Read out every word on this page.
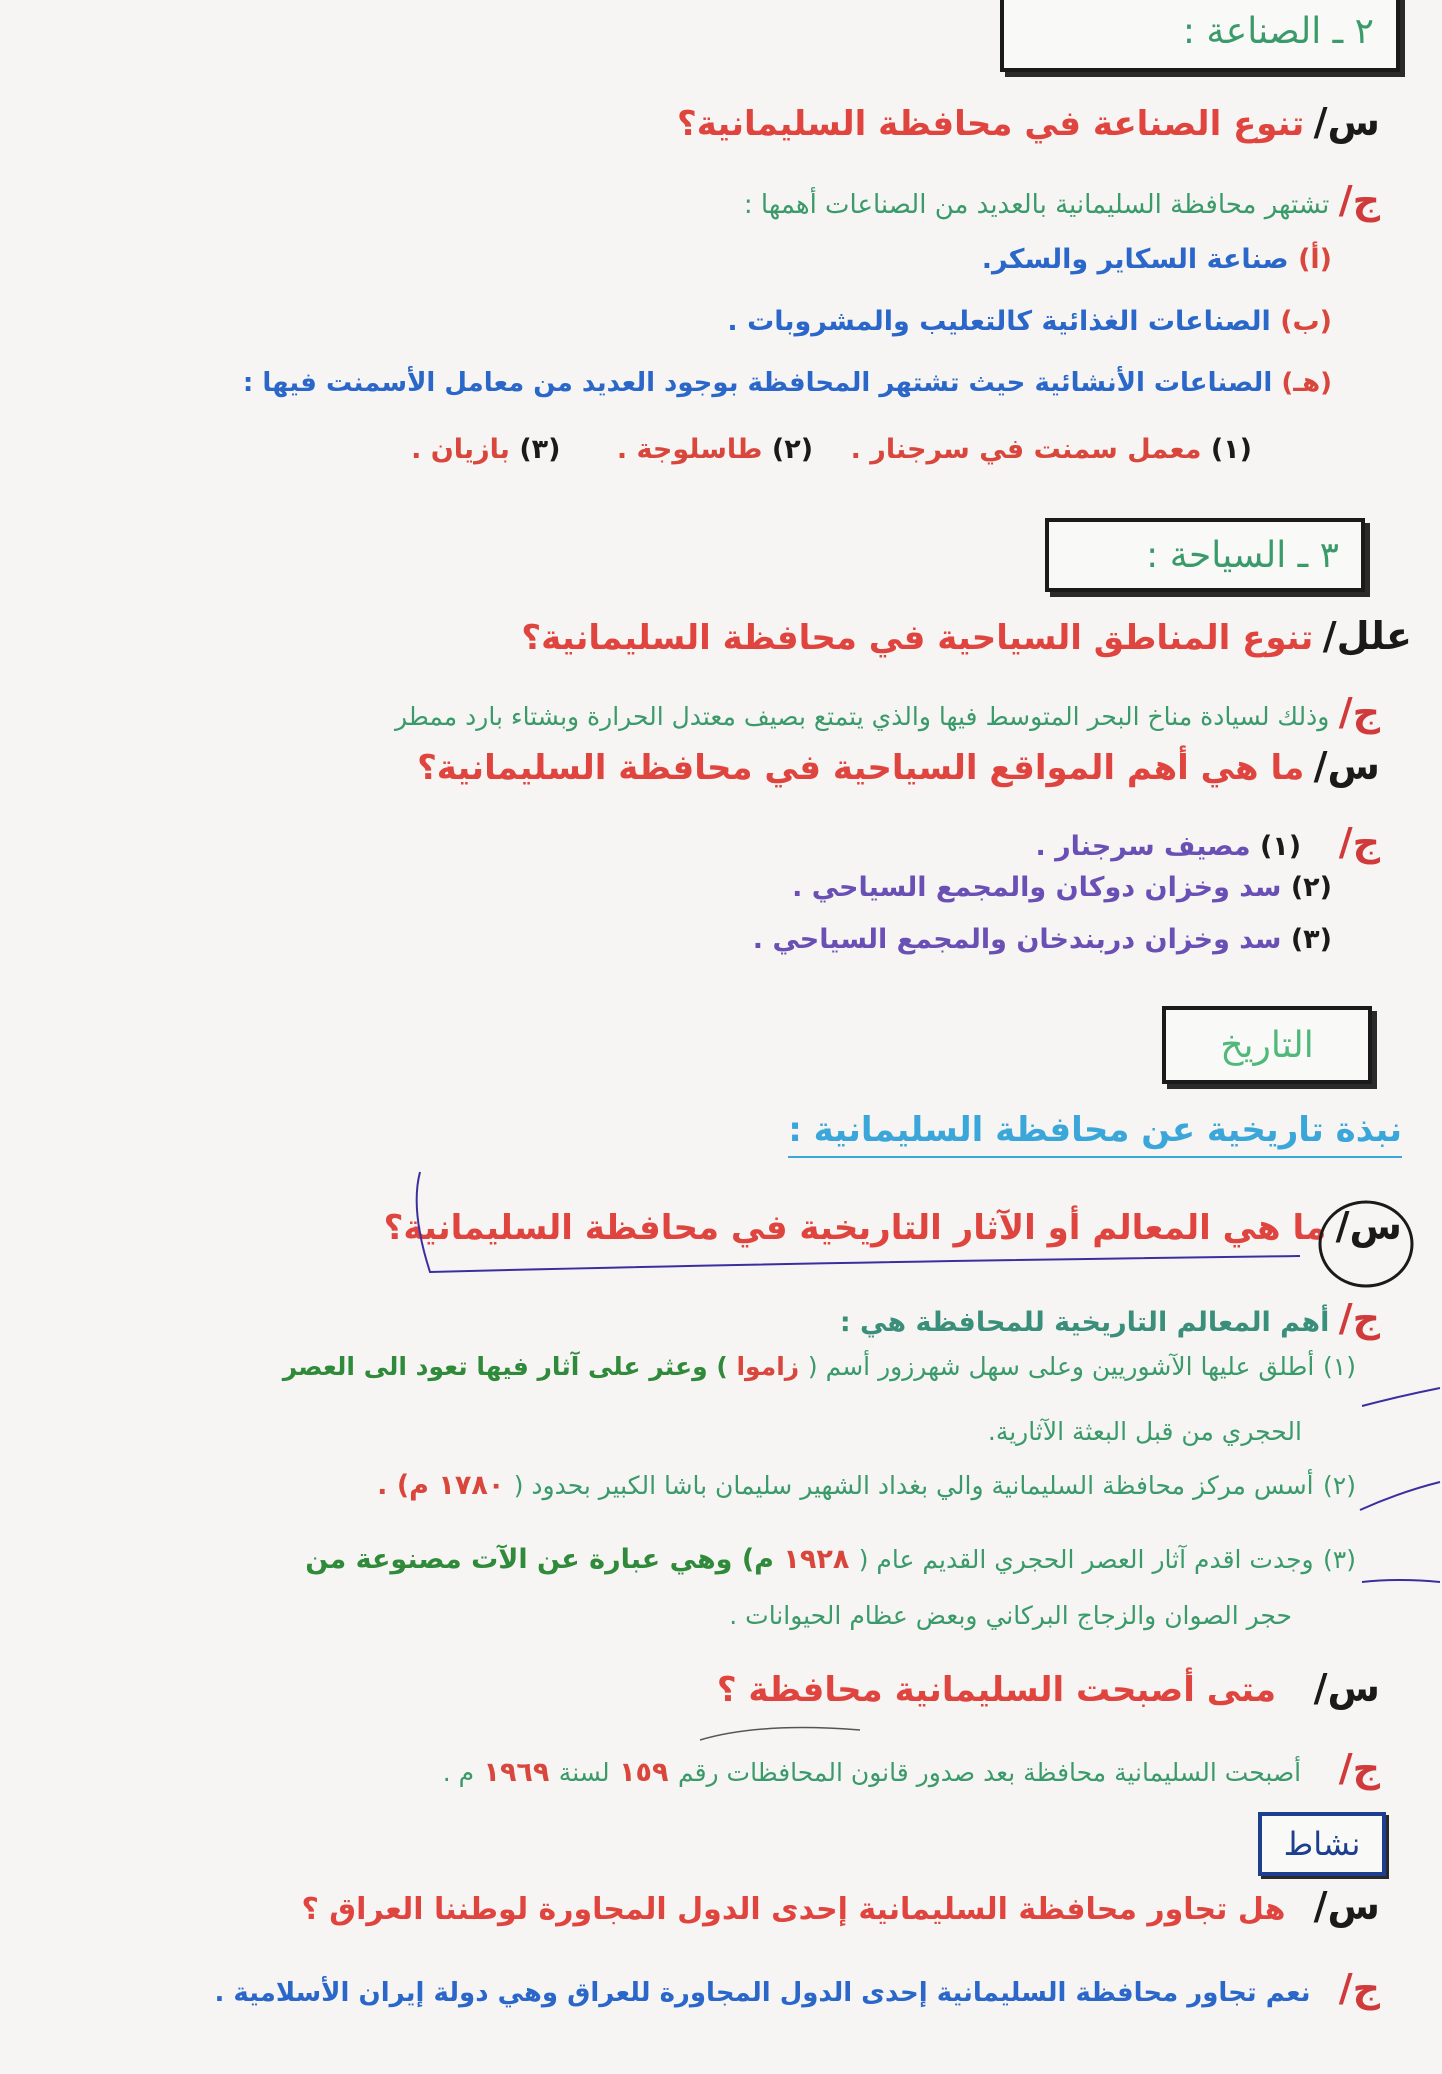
٢ ـ الصناعة :
س/ تنوع الصناعة في محافظة السليمانية؟
ج/ تشتهر محافظة السليمانية بالعديد من الصناعات أهمها :
(أ) صناعة السكاير والسكر.
(ب) الصناعات الغذائية كالتعليب والمشروبات .
(هـ) الصناعات الأنشائية حيث تشتهر المحافظة بوجود العديد من معامل الأسمنت فيها :
(١) معمل سمنت في سرجنار .    (٢) طاسلوجة .      (٣) بازيان .
٣ ـ السياحة :
علل/ تنوع المناطق السياحية في محافظة السليمانية؟
ج/ وذلك لسيادة مناخ البحر المتوسط فيها والذي يتمتع بصيف معتدل الحرارة وبشتاء بارد ممطر
س/ ما هي أهم المواقع السياحية في محافظة السليمانية؟
ج/    (١) مصيف سرجنار .
(٢) سد وخزان دوكان والمجمع السياحي .
(٣) سد وخزان دربندخان والمجمع السياحي .
التاريخ
نبذة تاريخية عن محافظة السليمانية :
س/ ما هي المعالم أو الآثار التاريخية في محافظة السليمانية؟
ج/ أهم المعالم التاريخية للمحافظة هي :
(١) أطلق عليها الآشوريين وعلى سهل شهرزور أسم ( زاموا ) وعثر على آثار فيها تعود الى العصر
الحجري من قبل البعثة الآثارية.
(٢) أسس مركز محافظة السليمانية والي بغداد الشهير سليمان باشا الكبير بحدود ( ١٧٨٠ م) .
(٣) وجدت اقدم آثار العصر الحجري القديم عام ( ١٩٢٨ م) وهي عبارة عن الآت مصنوعة من
حجر الصوان والزجاج البركاني وبعض عظام الحيوانات .
س/    متى أصبحت السليمانية محافظة ؟
ج/    أصبحت السليمانية محافظة بعد صدور قانون المحافظات رقم ١٥٩ لسنة ١٩٦٩ م .
نشاط
س/   هل تجاور محافظة السليمانية إحدى الدول المجاورة لوطننا العراق ؟
ج/   نعم تجاور محافظة السليمانية إحدى الدول المجاورة للعراق وهي دولة إيران الأسلامية .
